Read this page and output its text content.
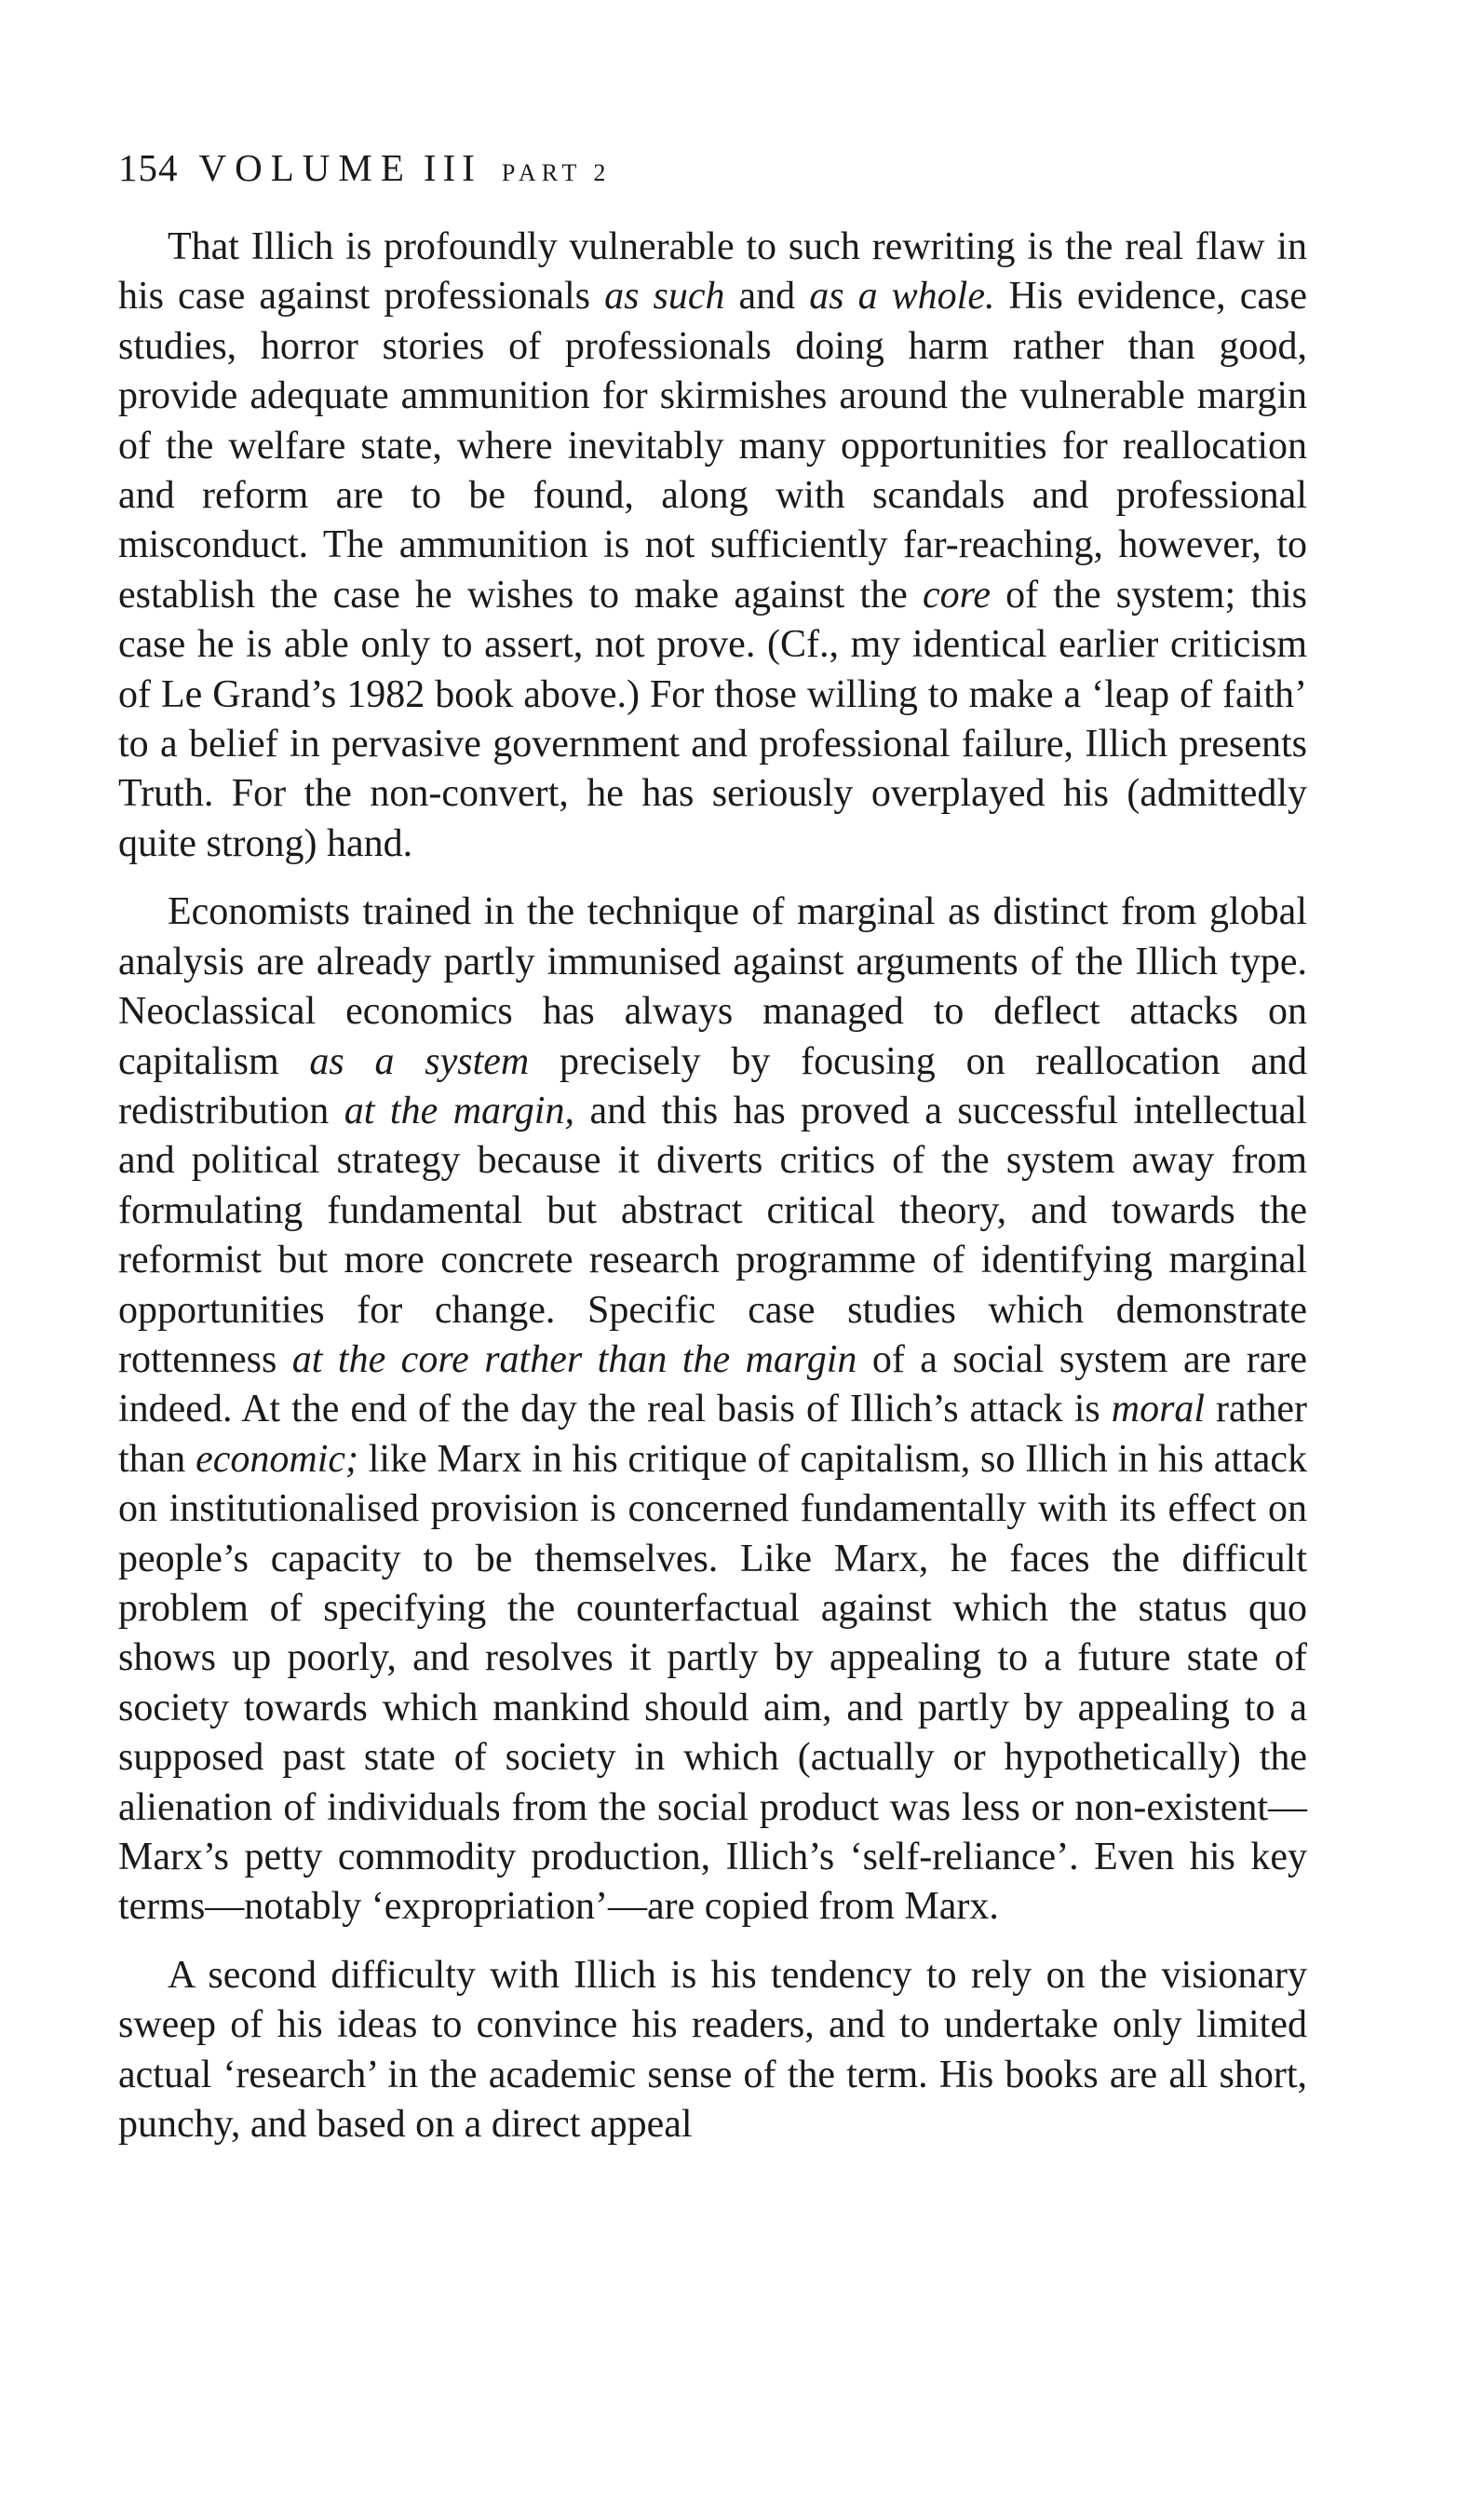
154 VOLUME III PART 2

That Illich is profoundly vulnerable to such rewriting is the real flaw in his case against professionals as such and as a whole. His evidence, case studies, horror stories of professionals doing harm rather than good, provide adequate ammunition for skirmishes around the vulnerable margin of the welfare state, where inevitably many opportunities for reallocation and reform are to be found, along with scandals and professional misconduct. The ammunition is not sufficiently far-reaching, however, to establish the case he wishes to make against the core of the system; this case he is able only to assert, not prove. (Cf., my identical earlier criticism of Le Grand’s 1982 book above.) For those willing to make a ‘leap of faith’ to a belief in pervasive government and professional failure, Illich presents Truth. For the non-convert, he has seriously overplayed his (admittedly quite strong) hand.

Economists trained in the technique of marginal as distinct from global analysis are already partly immunised against arguments of the Illich type. Neoclassical economics has always managed to deflect attacks on capitalism as a system precisely by focusing on reallocation and redistribution at the margin, and this has proved a successful intellectual and political strategy because it diverts critics of the system away from formulating fundamental but abstract critical theory, and towards the reformist but more concrete research programme of identifying marginal opportunities for change. Specific case studies which demonstrate rottenness at the core rather than the margin of a social system are rare indeed. At the end of the day the real basis of Illich’s attack is moral rather than economic; like Marx in his critique of capitalism, so Illich in his attack on institutionalised provision is concerned fundamentally with its effect on people’s capacity to be themselves. Like Marx, he faces the difficult problem of specifying the counterfactual against which the status quo shows up poorly, and resolves it partly by appealing to a future state of society towards which mankind should aim, and partly by appealing to a supposed past state of society in which (actually or hypothetically) the alienation of individuals from the social product was less or non-existent—Marx’s petty commodity production, Illich’s ‘self-reliance’. Even his key terms—notably ‘expropriation’—are copied from Marx.

A second difficulty with Illich is his tendency to rely on the visionary sweep of his ideas to convince his readers, and to undertake only limited actual ‘research’ in the academic sense of the term. His books are all short, punchy, and based on a direct appeal
